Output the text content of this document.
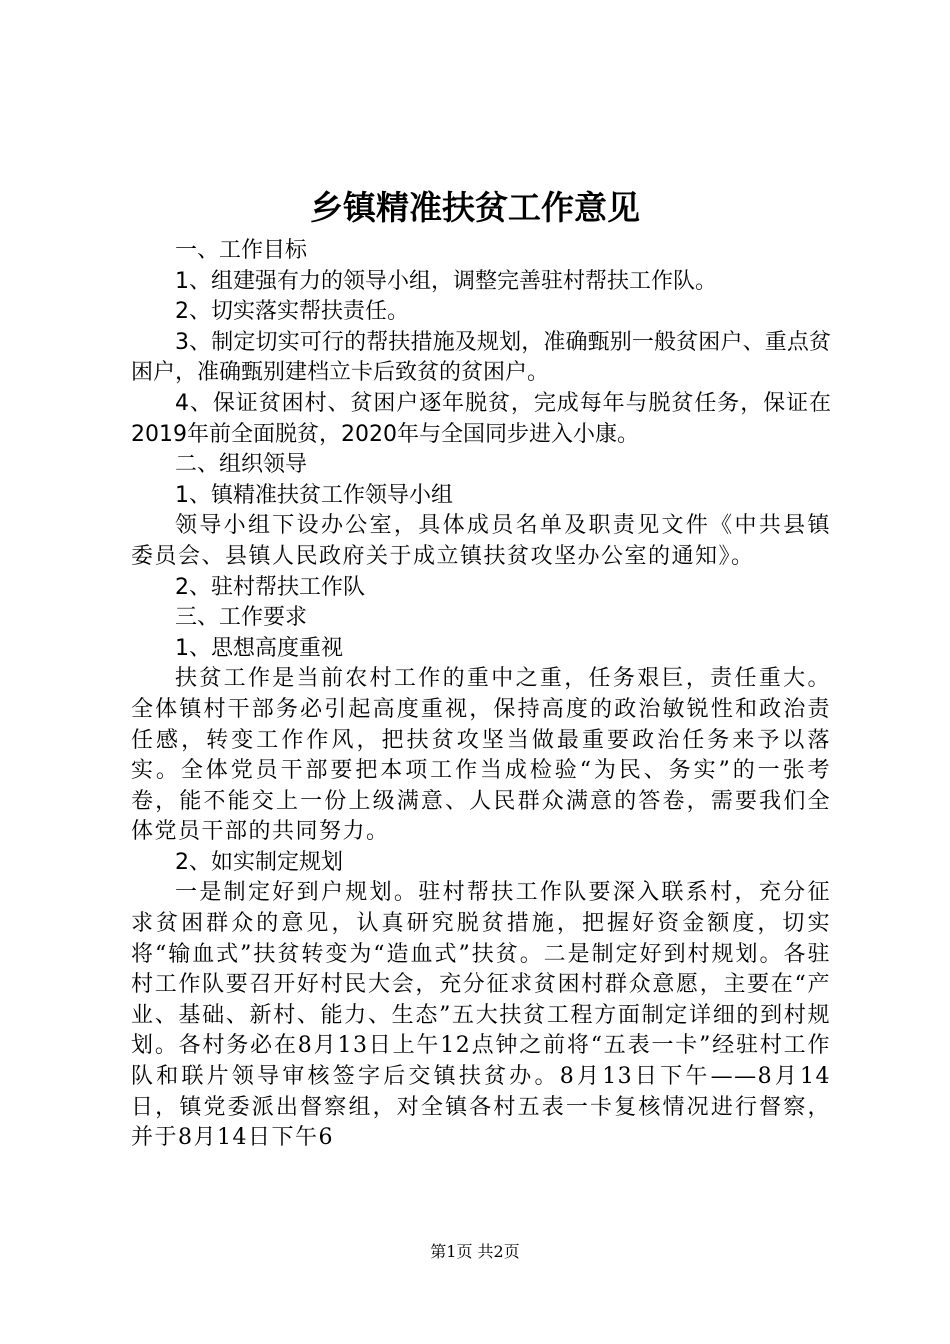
乡镇精准扶贫工作意见

一、工作目标

1、组建强有力的领导小组，调整完善驻村帮扶工作队。

2、切实落实帮扶责任。

3、制定切实可行的帮扶措施及规划，准确甄别一般贫困户、重点贫困户，准确甄别建档立卡后致贫的贫困户。

4、保证贫困村、贫困户逐年脱贫，完成每年与脱贫任务，保证在2019年前全面脱贫，2020年与全国同步进入小康。

二、组织领导

1、镇精准扶贫工作领导小组

领导小组下设办公室，具体成员名单及职责见文件《中共县镇委员会、县镇人民政府关于成立镇扶贫攻坚办公室的通知》。

2、驻村帮扶工作队

三、工作要求

1、思想高度重视

扶贫工作是当前农村工作的重中之重，任务艰巨，责任重大。全体镇村干部务必引起高度重视，保持高度的政治敏锐性和政治责任感，转变工作作风，把扶贫攻坚当做最重要政治任务来予以落实。全体党员干部要把本项工作当成检验“为民、务实”的一张考卷，能不能交上一份上级满意、人民群众满意的答卷，需要我们全体党员干部的共同努力。

2、如实制定规划

一是制定好到户规划。驻村帮扶工作队要深入联系村，充分征求贫困群众的意见，认真研究脱贫措施，把握好资金额度，切实将“输血式”扶贫转变为“造血式”扶贫。二是制定好到村规划。各驻村工作队要召开好村民大会，充分征求贫困村群众意愿，主要在“产业、基础、新村、能力、生态”五大扶贫工程方面制定详细的到村规划。各村务必在8月13日上午12点钟之前将“五表一卡”经驻村工作队和联片领导审核签字后交镇扶贫办。8月13日下午——8月14日，镇党委派出督察组，对全镇各村五表一卡复核情况进行督察，并于8月14日下午6

第1页 共2页
